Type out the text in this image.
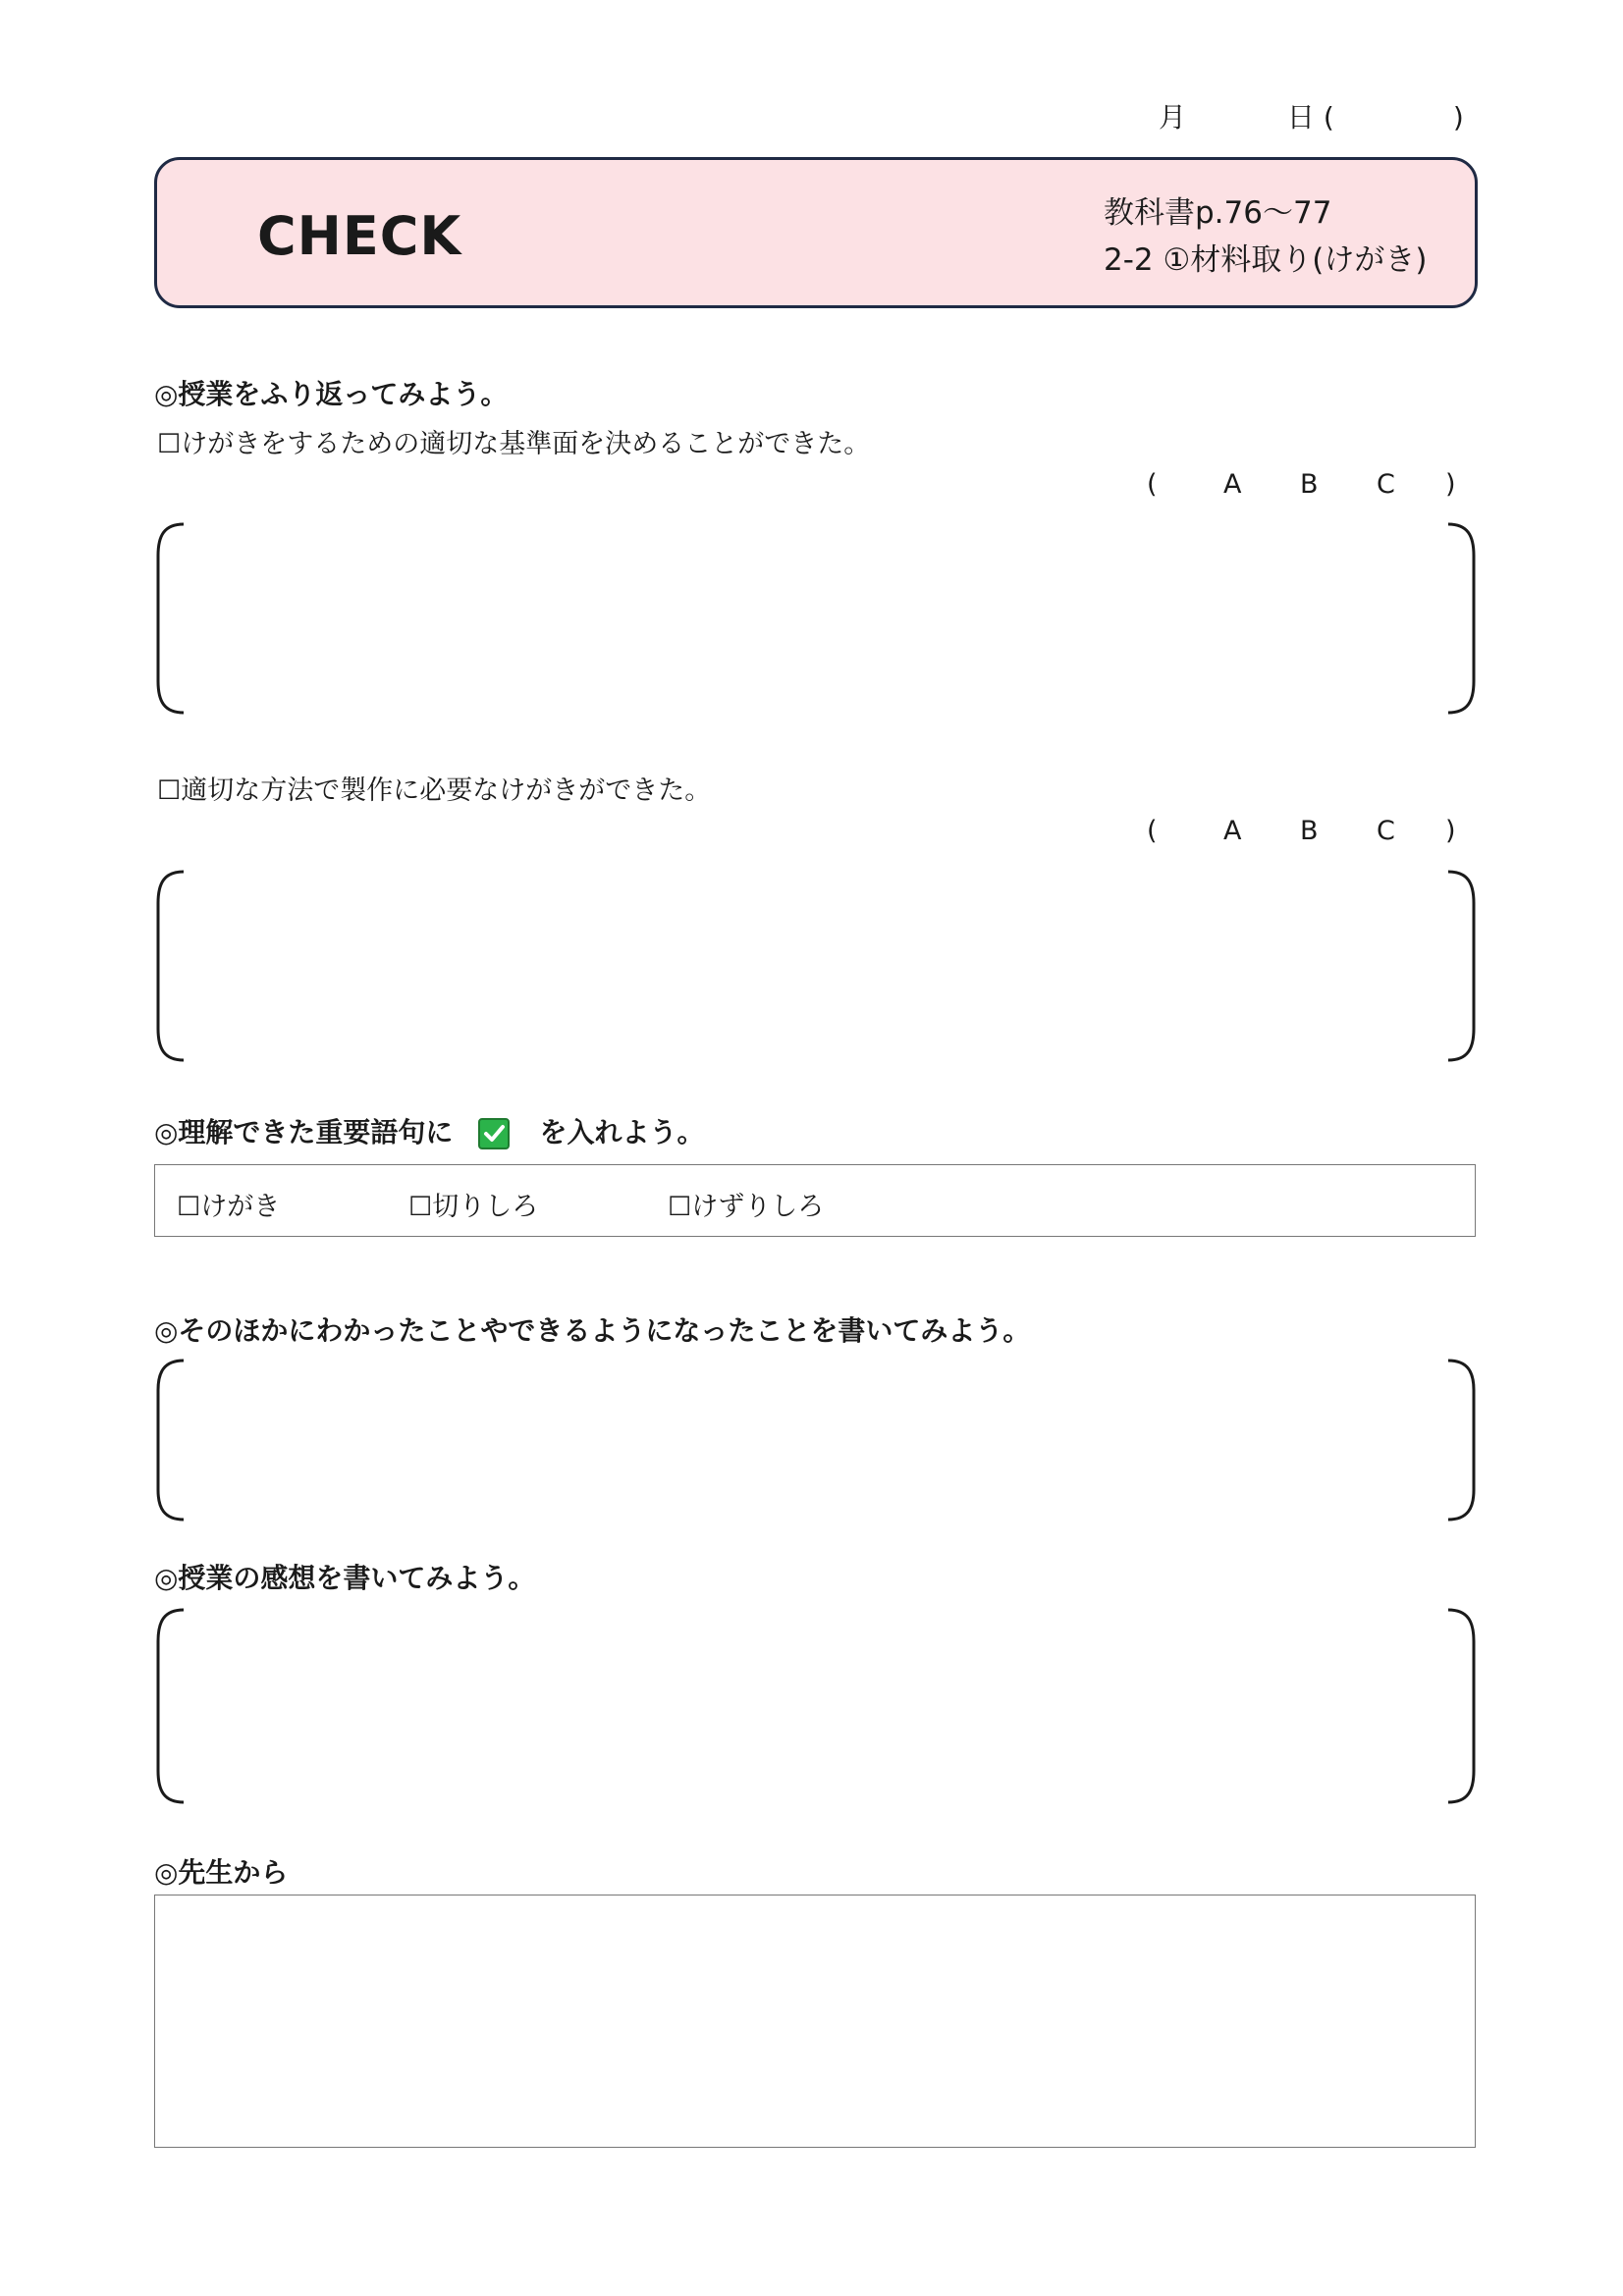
月	日 (	)
CHECK	教科書p.76～77
2-2 ①材料取り(けがき)
◎授業をふり返ってみよう。
☐けがきをするための適切な基準面を決めることができた。
( A B C )
☐適切な方法で製作に必要なけがきができた。
( A B C )
◎理解できた重要語句に	を入れよう。
☐けがき	☐切りしろ	☐けずりしろ
◎そのほかにわかったことやできるようになったことを書いてみよう。
◎授業の感想を書いてみよう。
◎先生から
